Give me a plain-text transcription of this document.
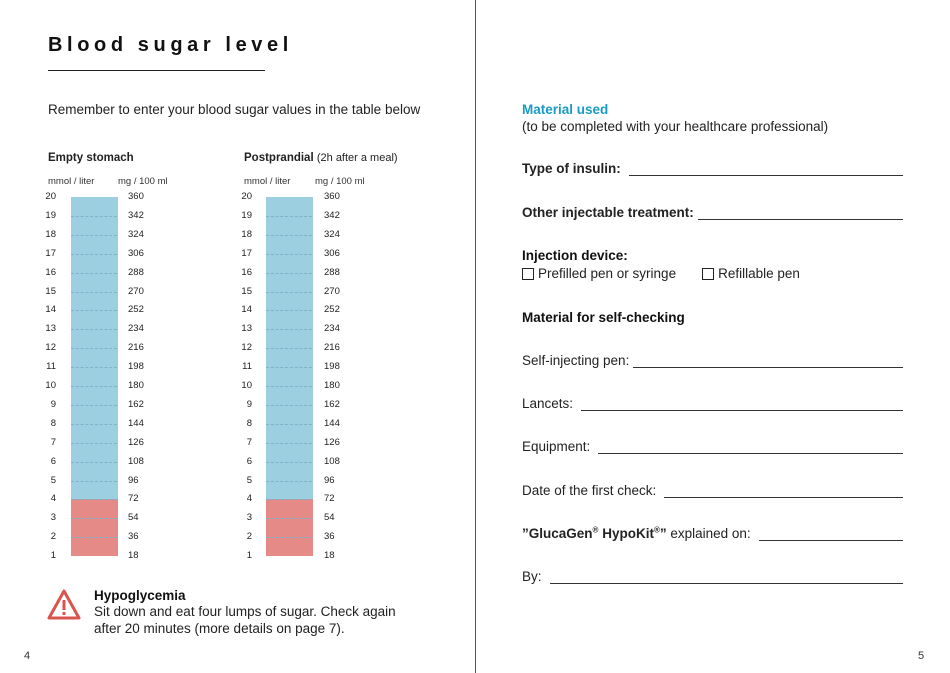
Blood sugar level
Remember to enter your blood sugar values in the table below
Empty stomach	Postprandial (2h after a meal)
mmol / liter mg / 100 ml	mmol / liter	mg / 100 ml
20	360
19	342
18	324
17	306
16	288
15	270
14	252
13	234
12	216
11	198
10	180
9	162
8	144
7	126
6	108
5	96
4	72
3	54
2	36
1	18
20	360
19	342
18	324
17	306
16	288
15	270
14	252
13	234
12	216
11	198
10	180
9	162
8	144
7	126
6	108
5	96
4	72
3	54
2	36
1	18
Hypoglycemia
Sit down and eat four lumps of sugar. Check again after 20 minutes (more details on page 7).
4
Material used
(to be completed with your healthcare professional)
Type of insulin:
Other injectable treatment:
Injection device:
Prefilled pen or syringe	Refillable pen
Material for self-checking
Self-injecting pen:
Lancets:
Equipment:
Date of the first check:
”GlucaGen® HypoKit®” explained on:
By:
5
